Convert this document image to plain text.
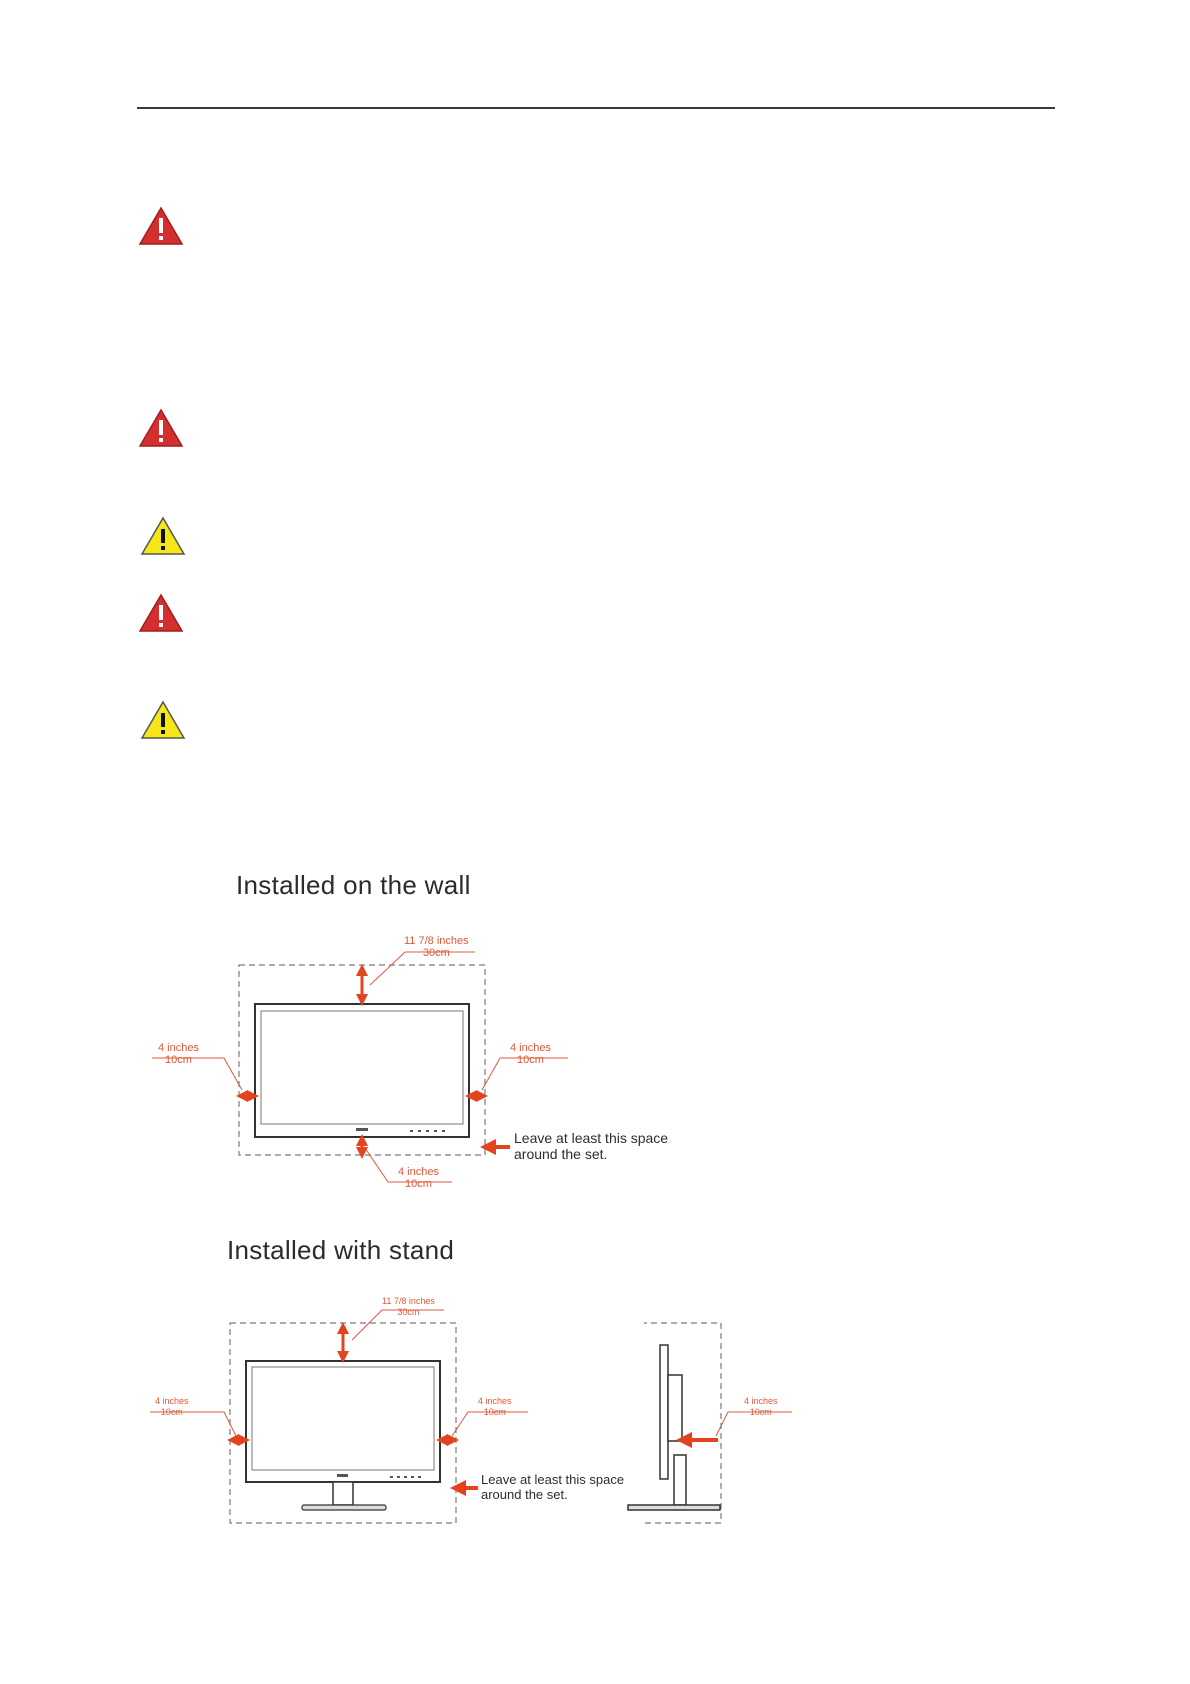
Installed on the wall
11 7/8 inches
30cm
4 inches
10cm
4 inches
10cm
4 inches
10cm
Leave at least this space
around the set.
Installed with stand
11 7/8 inches
30cm
4 inches
10cm
4 inches
10cm
4 inches
10cm
Leave at least this space
around the set.
